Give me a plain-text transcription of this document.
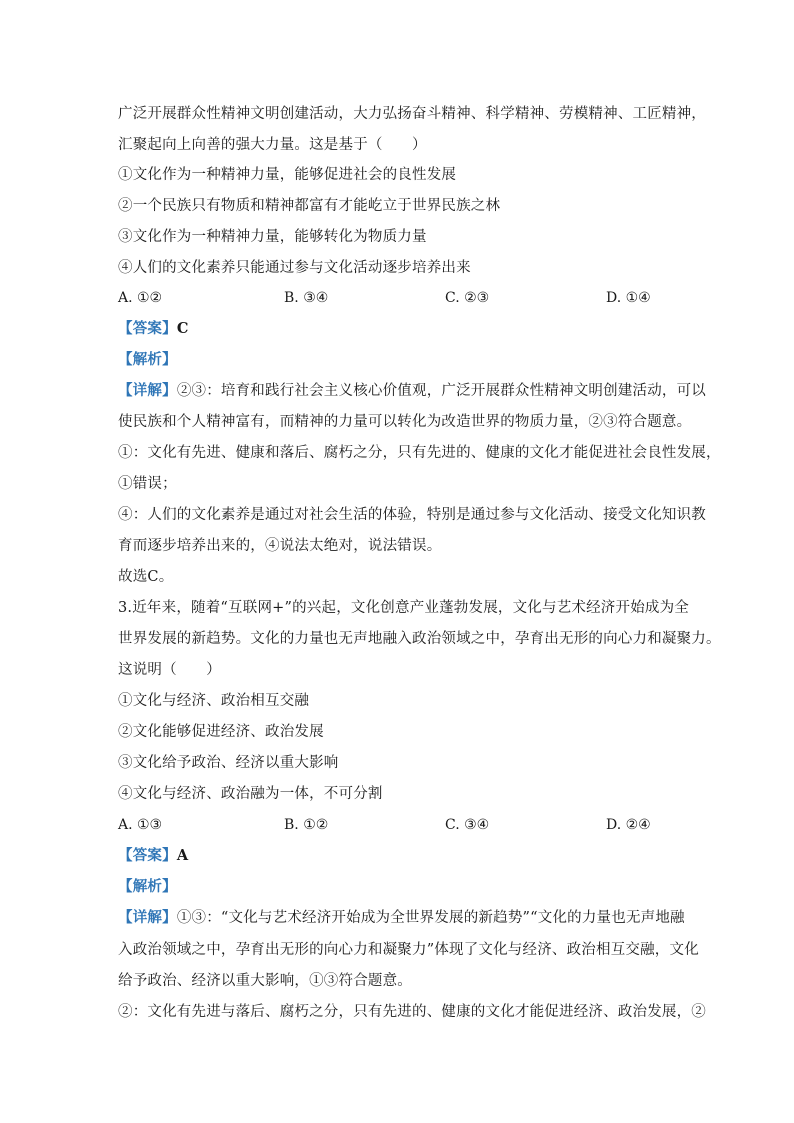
广泛开展群众性精神文明创建活动，大力弘扬奋斗精神、科学精神、劳模精神、工匠精神，
汇聚起向上向善的强大力量。这是基于（　　）
①文化作为一种精神力量，能够促进社会的良性发展
②一个民族只有物质和精神都富有才能屹立于世界民族之林
③文化作为一种精神力量，能够转化为物质力量
④人们的文化素养只能通过参与文化活动逐步培养出来
A. ①②	B. ③④	C. ②③	D. ①④
【答案】C
【解析】
【详解】②③：培育和践行社会主义核心价值观，广泛开展群众性精神文明创建活动，可以
使民族和个人精神富有，而精神的力量可以转化为改造世界的物质力量，②③符合题意。
①：文化有先进、健康和落后、腐朽之分，只有先进的、健康的文化才能促进社会良性发展，
①错误；
④：人们的文化素养是通过对社会生活的体验，特别是通过参与文化活动、接受文化知识教
育而逐步培养出来的，④说法太绝对，说法错误。
故选C。
3.近年来，随着“互联网+”的兴起，文化创意产业蓬勃发展，文化与艺术经济开始成为全
世界发展的新趋势。文化的力量也无声地融入政治领域之中，孕育出无形的向心力和凝聚力。
这说明（　　）
①文化与经济、政治相互交融
②文化能够促进经济、政治发展
③文化给予政治、经济以重大影响
④文化与经济、政治融为一体，不可分割
A. ①③	B. ①②	C. ③④	D. ②④
【答案】A
【解析】
【详解】①③：“文化与艺术经济开始成为全世界发展的新趋势”“文化的力量也无声地融
入政治领域之中，孕育出无形的向心力和凝聚力”体现了文化与经济、政治相互交融，文化
给予政治、经济以重大影响，①③符合题意。
②：文化有先进与落后、腐朽之分，只有先进的、健康的文化才能促进经济、政治发展，②
